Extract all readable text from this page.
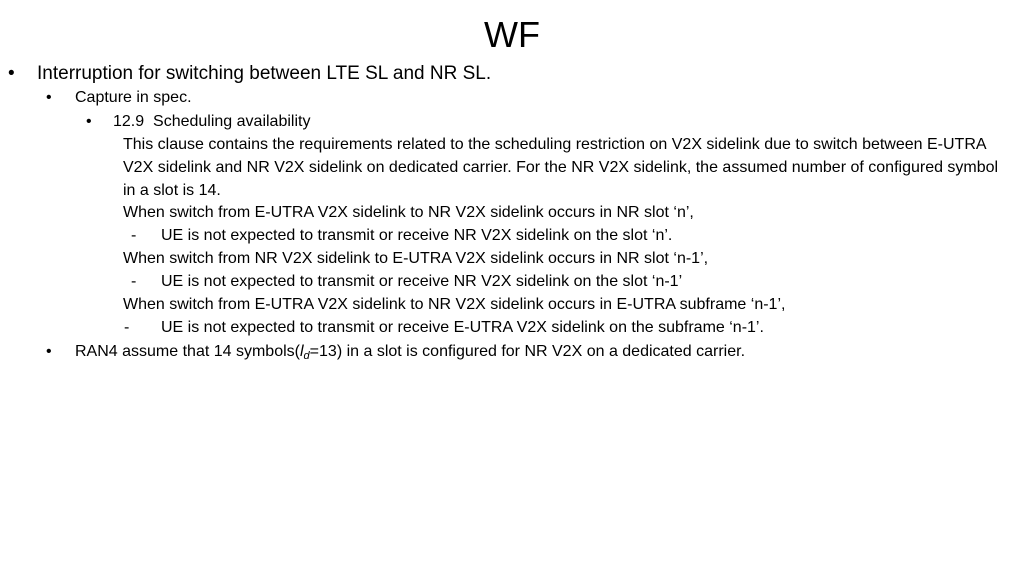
WF
• Interruption for switching between LTE SL and NR SL.
• Capture in spec.
• 12.9 Scheduling availability
This clause contains the requirements related to the scheduling restriction on V2X sidelink due to switch between E-UTRA V2X sidelink and NR V2X sidelink on dedicated carrier. For the NR V2X sidelink, the assumed number of configured symbol in a slot is 14.
When switch from E-UTRA V2X sidelink to NR V2X sidelink occurs in NR slot ‘n’,
- UE is not expected to transmit or receive NR V2X sidelink on the slot ‘n’.
When switch from NR V2X sidelink to E-UTRA V2X sidelink occurs in NR slot ‘n-1’,
- UE is not expected to transmit or receive NR V2X sidelink on the slot ‘n-1’
When switch from E-UTRA V2X sidelink to NR V2X sidelink occurs in E-UTRA subframe ‘n-1’,
- UE is not expected to transmit or receive E-UTRA V2X sidelink on the subframe ‘n-1’.
• RAN4 assume that 14 $symbols(l_d=13)$ in a slot is configured for NR V2X on a dedicated carrier.
